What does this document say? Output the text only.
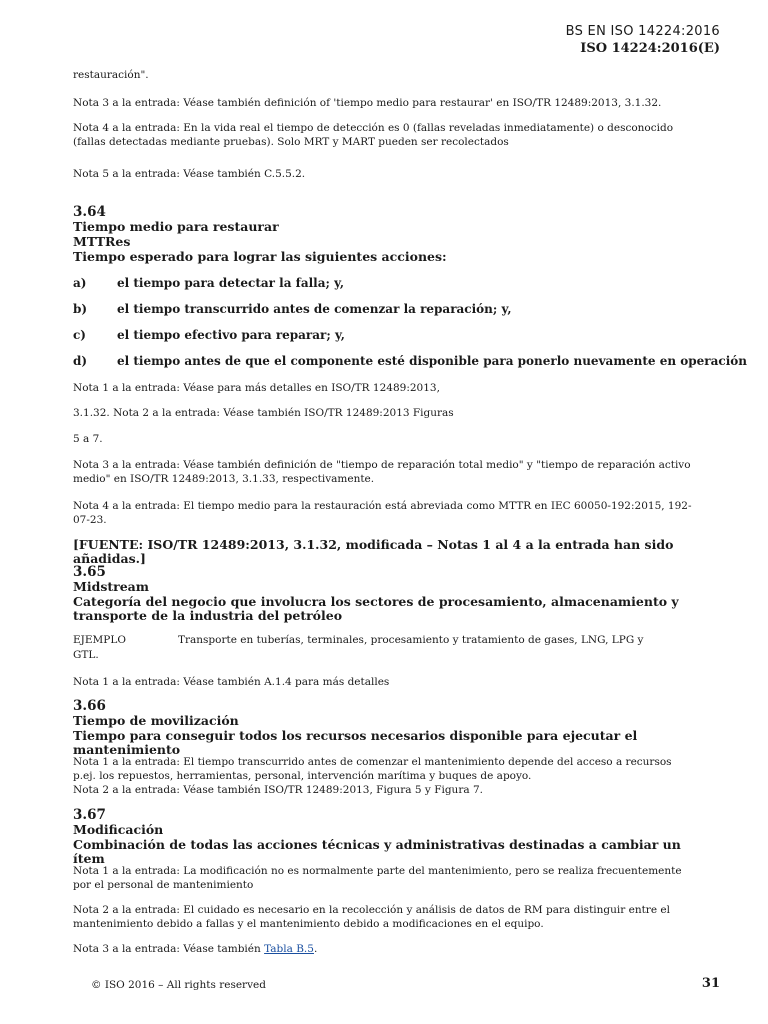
BS EN ISO 14224:2016
ISO 14224:2016(E)

restauración".

Nota 3 a la entrada: Véase también definición of 'tiempo medio para restaurar' en ISO/TR 12489:2013, 3.1.32.

Nota 4 a la entrada: En la vida real el tiempo de detección es 0 (fallas reveladas inmediatamente) o desconocido (fallas detectadas mediante pruebas). Solo MRT y MART pueden ser recolectados

Nota 5 a la entrada: Véase también C.5.5.2.

3.64

Tiempo medio para restaurar

MTTRes

Tiempo esperado para lograr las siguientes acciones:

a)	el tiempo para detectar la falla; y,
b) el tiempo transcurrido antes de comenzar la reparación; y,
c)	el tiempo efectivo para reparar; y,
d) el tiempo antes de que el componente esté disponible para ponerlo nuevamente en operación

Nota 1 a la entrada: Véase para más detalles en ISO/TR 12489:2013,

3.1.32. Nota 2 a la entrada: Véase también ISO/TR 12489:2013 Figuras

5 a 7.

Nota 3 a la entrada: Véase también definición de "tiempo de reparación total medio" y "tiempo de reparación activo medio" en ISO/TR 12489:2013, 3.1.33, respectivamente.

Nota 4 a la entrada: El tiempo medio para la restauración está abreviada como MTTR en IEC 60050-192:2015, 192-07-23.

[FUENTE: ISO/TR 12489:2013, 3.1.32, modificada – Notas 1 al 4 a la entrada han sido añadidas.]

3.65

Midstream

Categoría del negocio que involucra los sectores de procesamiento, almacenamiento y transporte de la industria del petróleo

EJEMPLO	Transporte en tuberías, terminales, procesamiento y tratamiento de gases, LNG, LPG y
GTL.

Nota 1 a la entrada: Véase también A.1.4 para más detalles

3.66

Tiempo de movilización

Tiempo para conseguir todos los recursos necesarios disponible para ejecutar el mantenimiento

Nota 1 a la entrada: El tiempo transcurrido antes de comenzar el mantenimiento depende del acceso a recursos p.ej. los repuestos, herramientas, personal, intervención marítima y buques de apoyo.

Nota 2 a la entrada: Véase también ISO/TR 12489:2013, Figura 5 y Figura 7.

3.67

Modificación

Combinación de todas las acciones técnicas y administrativas destinadas a cambiar un ítem

Nota 1 a la entrada: La modificación no es normalmente parte del mantenimiento, pero se realiza frecuentemente por el personal de mantenimiento

Nota 2 a la entrada: El cuidado es necesario en la recolección y análisis de datos de RM para distinguir entre el mantenimiento debido a fallas y el mantenimiento debido a modificaciones en el equipo.

Nota 3 a la entrada: Véase también Tabla B.5.

© ISO 2016 – All rights reserved	31
